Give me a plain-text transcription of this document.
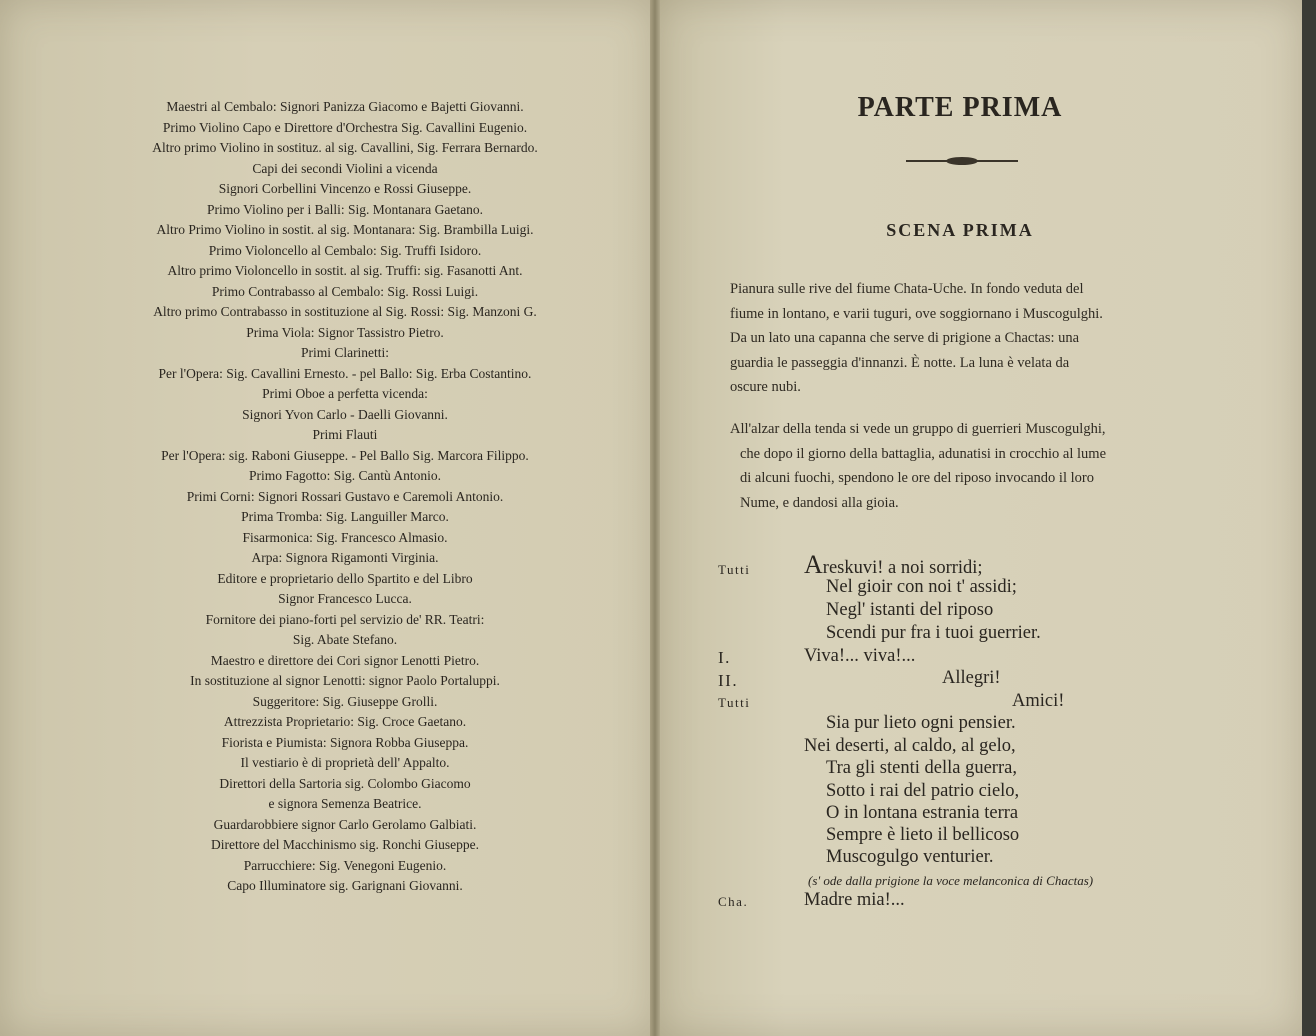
Maestri al Cembalo: Signori Panizza Giacomo e Bajetti Giovanni.
Primo Violino Capo e Direttore d'Orchestra Sig. Cavallini Eugenio.
Altro primo Violino in sostituz. al sig. Cavallini, Sig. Ferrara Bernardo.
Capi dei secondi Violini a vicenda
Signori Corbellini Vincenzo e Rossi Giuseppe.
Primo Violino per i Balli: Sig. Montanara Gaetano.
Altro Primo Violino in sostit. al sig. Montanara: Sig. Brambilla Luigi.
Primo Violoncello al Cembalo: Sig. Truffi Isidoro.
Altro primo Violoncello in sostit. al sig. Truffi: sig. Fasanotti Ant.
Primo Contrabasso al Cembalo: Sig. Rossi Luigi.
Altro primo Contrabasso in sostituzione al Sig. Rossi: Sig. Manzoni G.
Prima Viola: Signor Tassistro Pietro.
Primi Clarinetti:
Per l'Opera: Sig. Cavallini Ernesto. - pel Ballo: Sig. Erba Costantino.
Primi Oboe a perfetta vicenda:
Signori Yvon Carlo - Daelli Giovanni.
Primi Flauti
Per l'Opera: sig. Raboni Giuseppe. - Pel Ballo Sig. Marcora Filippo.
Primo Fagotto: Sig. Cantù Antonio.
Primi Corni: Signori Rossari Gustavo e Caremoli Antonio.
Prima Tromba: Sig. Languiller Marco.
Fisarmonica: Sig. Francesco Almasio.
Arpa: Signora Rigamonti Virginia.
Editore e proprietario dello Spartito e del Libro
Signor Francesco Lucca.
Fornitore dei piano-forti pel servizio de' RR. Teatri:
Sig. Abate Stefano.
Maestro e direttore dei Cori signor Lenotti Pietro.
In sostituzione al signor Lenotti: signor Paolo Portaluppi.
Suggeritore: Sig. Giuseppe Grolli.
Attrezzista Proprietario: Sig. Croce Gaetano.
Fiorista e Piumista: Signora Robba Giuseppa.
Il vestiario è di proprietà dell' Appalto.
Direttori della Sartoria sig. Colombo Giacomo
e signora Semenza Beatrice.
Guardarobbiere signor Carlo Gerolamo Galbiati.
Direttore del Macchinismo sig. Ronchi Giuseppe.
Parrucchiere: Sig. Venegoni Eugenio.
Capo Illuminatore sig. Garignani Giovanni.
PARTE PRIMA
SCENA PRIMA
Pianura sulle rive del fiume Chata-Uche. In fondo veduta del
fiume in lontano, e varii tuguri, ove soggiornano i Muscogulghi.
Da un lato una capanna che serve di prigione a Chactas: una
guardia le passeggia d'innanzi. È notte. La luna è velata da
oscure nubi.
All'alzar della tenda si vede un gruppo di guerrieri Muscogulghi,
che dopo il giorno della battaglia, adunatisi in crocchio al lume
di alcuni fuochi, spendono le ore del riposo invocando il loro
Nume, e dandosi alla gioia.
Tutti
I.
II.
Tutti
Cha.
Areskuvi! a noi sorridi;
Nel gioir con noi t' assidi;
Negl' istanti del riposo
Scendi pur fra i tuoi guerrier.
Viva!... viva!...
Allegri!
Amici!
Sia pur lieto ogni pensier.
Nei deserti, al caldo, al gelo,
Tra gli stenti della guerra,
Sotto i rai del patrio cielo,
O in lontana estrania terra
Sempre è lieto il bellicoso
Muscogulgo venturier.
(s' ode dalla prigione la voce melanconica di Chactas)
Madre mia!...
